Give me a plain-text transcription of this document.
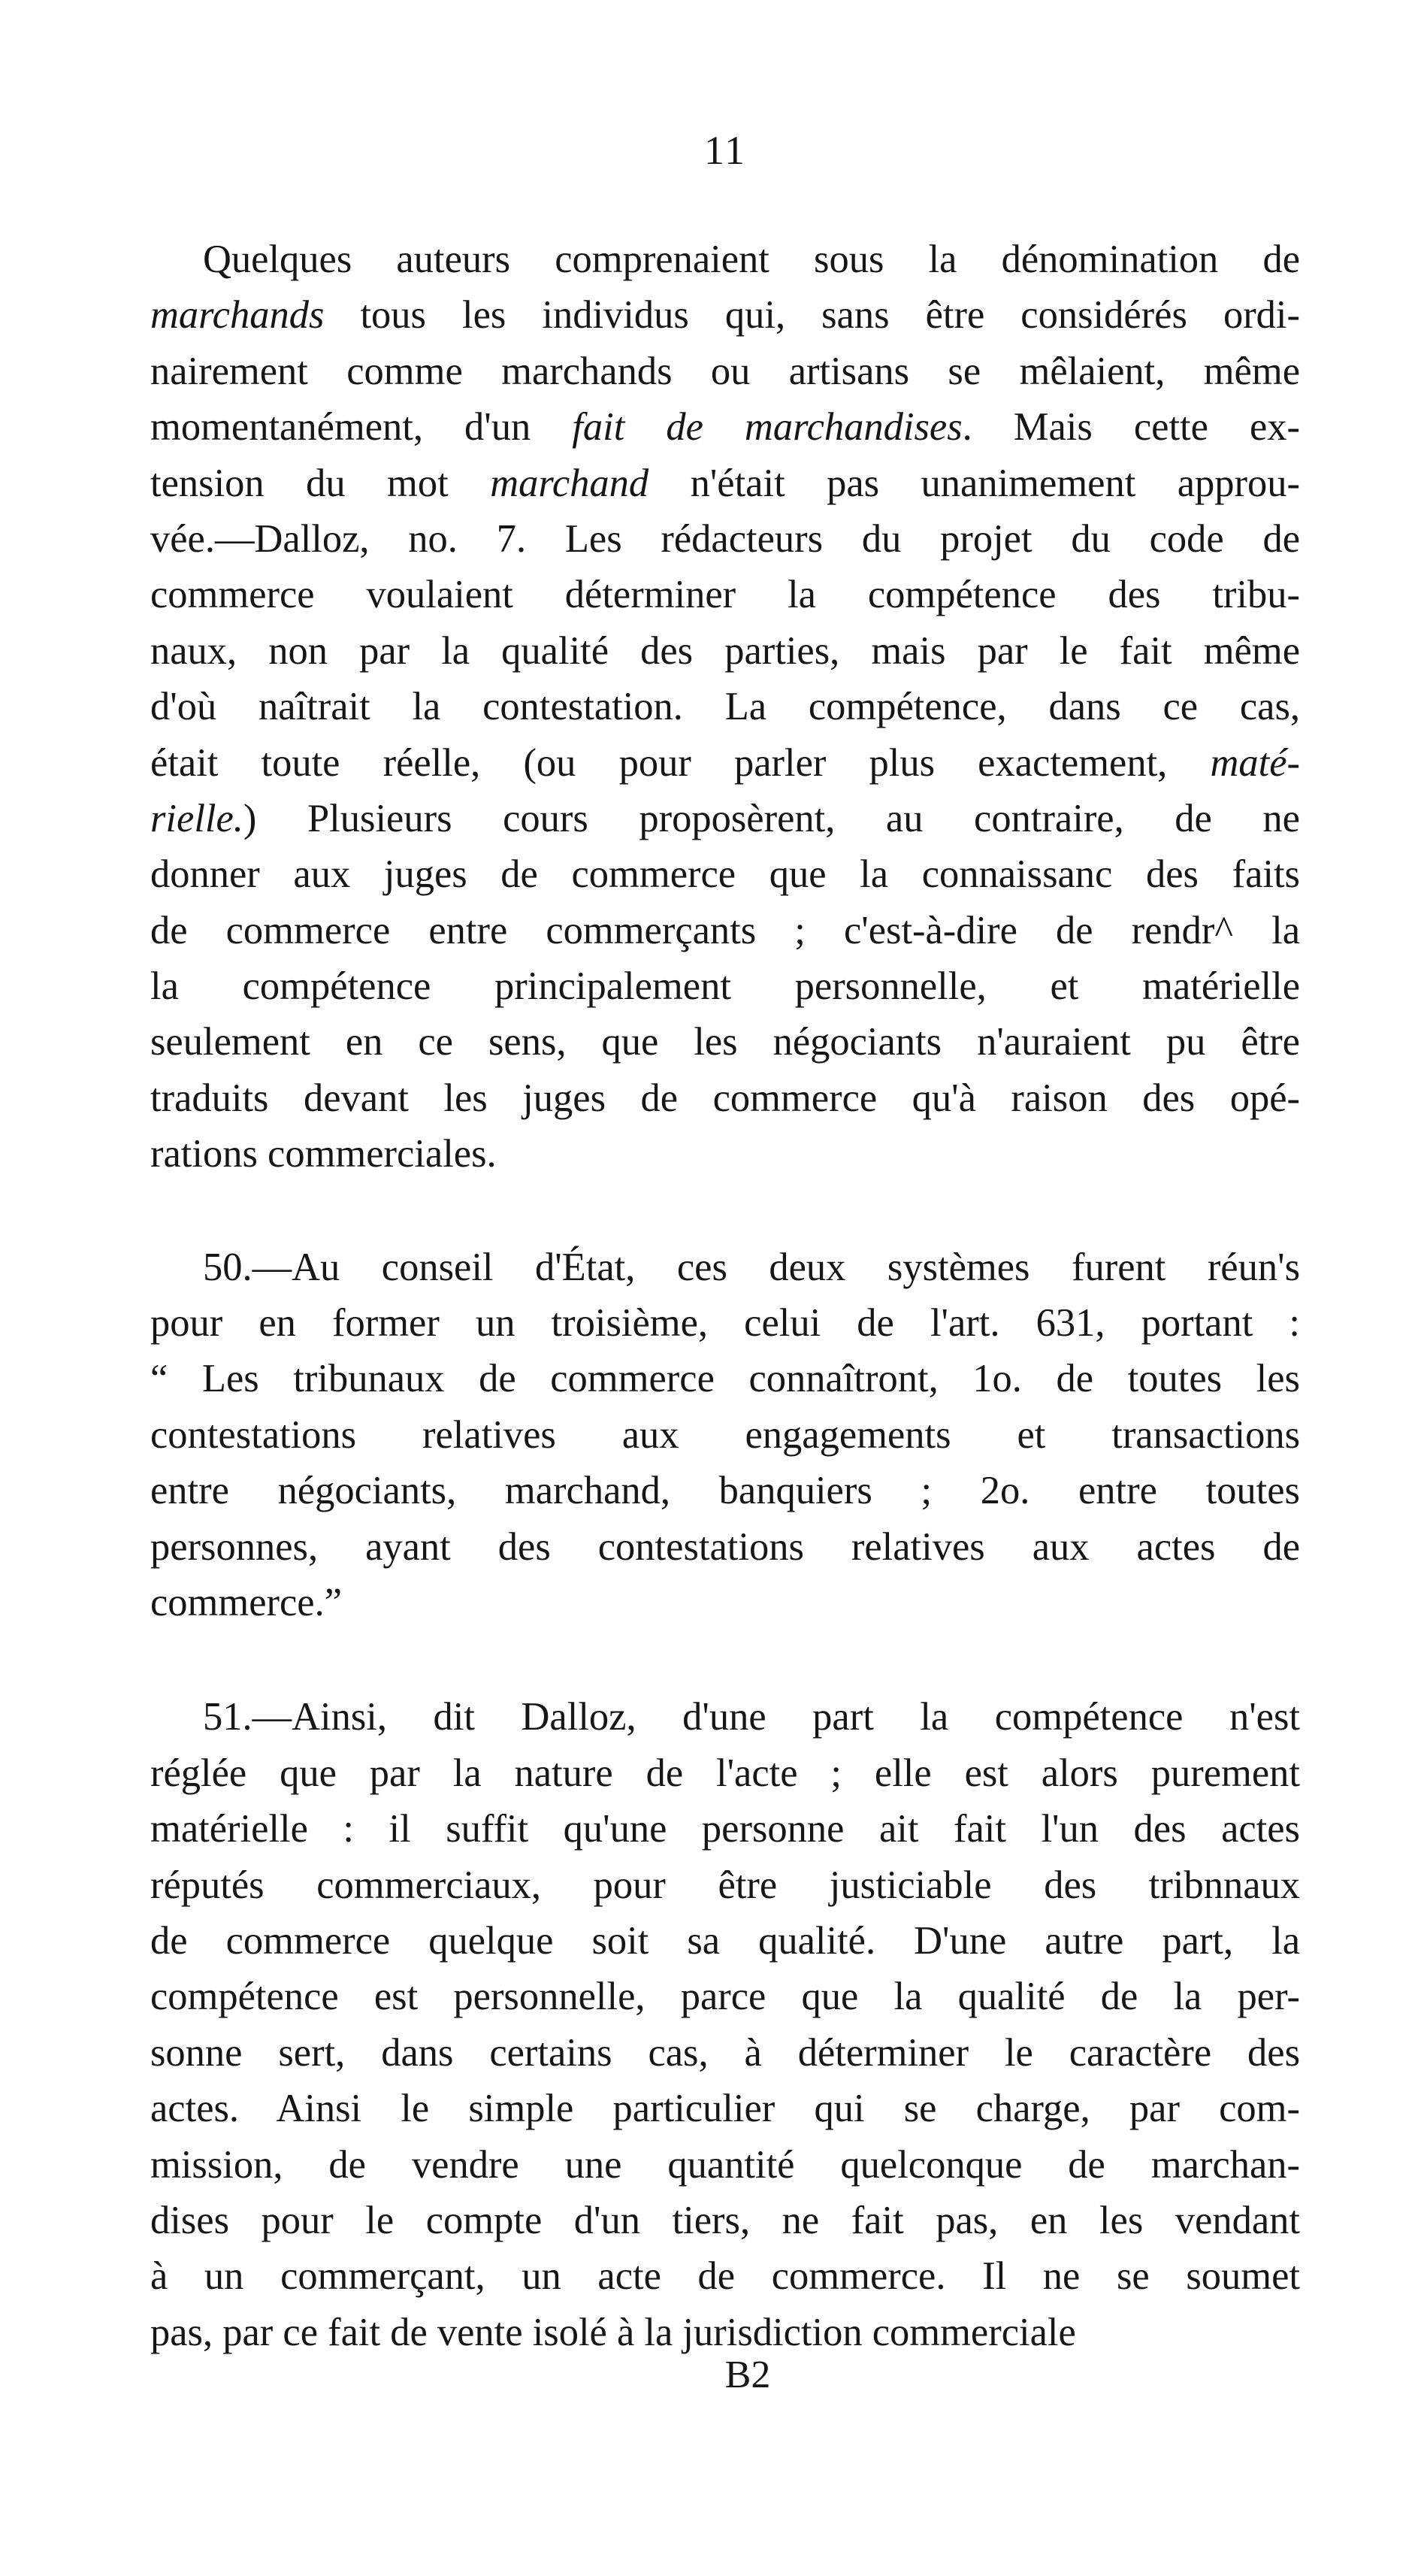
11
Quelques auteurs comprenaient sous la dénomination de
marchands tous les individus qui, sans être considérés ordi-
nairement comme marchands ou artisans se mêlaient, même
momentanément, d'un fait de marchandises. Mais cette ex-
tension du mot marchand n'était pas unanimement approu-
vée.—Dalloz, no. 7. Les rédacteurs du projet du code de
commerce voulaient déterminer la compétence des tribu-
naux, non par la qualité des parties, mais par le fait même
d'où naîtrait la contestation. La compétence, dans ce cas,
était toute réelle, (ou pour parler plus exactement, maté-
rielle.) Plusieurs cours proposèrent, au contraire, de ne
donner aux juges de commerce que la connaissanc des faits
de commerce entre commerçants ; c'est-à-dire de rendr^ la
la compétence principalement personnelle, et matérielle
seulement en ce sens, que les négociants n'auraient pu être
traduits devant les juges de commerce qu'à raison des opé-
rations commerciales.
50.—Au conseil d'État, ces deux systèmes furent réun's
pour en former un troisième, celui de l'art. 631, portant :
“ Les tribunaux de commerce connaîtront, 1o. de toutes les
contestations relatives aux engagements et transactions
entre négociants, marchand, banquiers ; 2o. entre toutes
personnes, ayant des contestations relatives aux actes de
commerce.”
51.—Ainsi, dit Dalloz, d'une part la compétence n'est
réglée que par la nature de l'acte ; elle est alors purement
matérielle : il suffit qu'une personne ait fait l'un des actes
réputés commerciaux, pour être justiciable des tribnnaux
de commerce quelque soit sa qualité. D'une autre part, la
compétence est personnelle, parce que la qualité de la per-
sonne sert, dans certains cas, à déterminer le caractère des
actes. Ainsi le simple particulier qui se charge, par com-
mission, de vendre une quantité quelconque de marchan-
dises pour le compte d'un tiers, ne fait pas, en les vendant
à un commerçant, un acte de commerce. Il ne se soumet
pas, par ce fait de vente isolé à la jurisdiction commerciale
B2
